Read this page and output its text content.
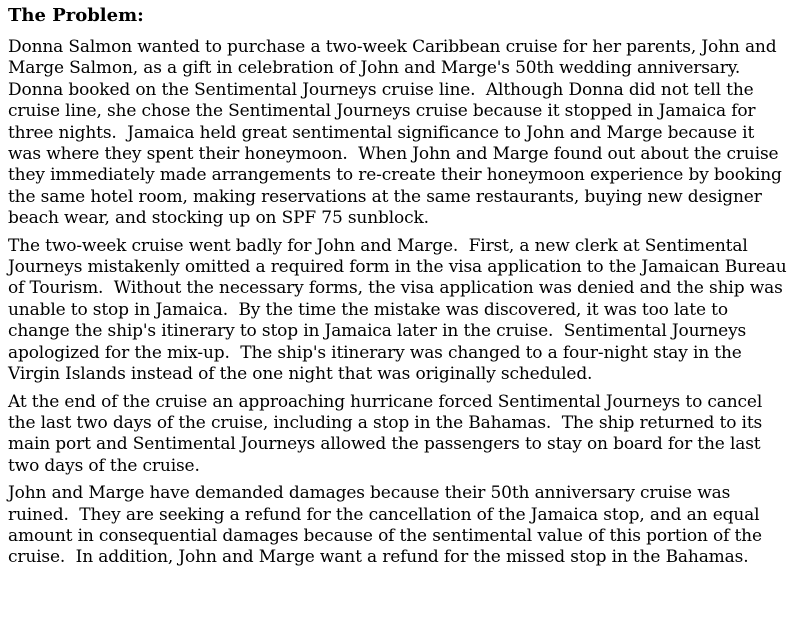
The Problem:

Donna Salmon wanted to purchase a two-week Caribbean cruise for her parents, John and Marge Salmon, as a gift in celebration of John and Marge's 50th wedding anniversary.  Donna booked on the Sentimental Journeys cruise line.  Although Donna did not tell the cruise line, she chose the Sentimental Journeys cruise because it stopped in Jamaica for three nights.  Jamaica held great sentimental significance to John and Marge because it was where they spent their honeymoon.  When John and Marge found out about the cruise they immediately made arrangements to re-create their honeymoon experience by booking the same hotel room, making reservations at the same restaurants, buying new designer beach wear, and stocking up on SPF 75 sunblock.

The two-week cruise went badly for John and Marge.  First, a new clerk at Sentimental Journeys mistakenly omitted a required form in the visa application to the Jamaican Bureau of Tourism.  Without the necessary forms, the visa application was denied and the ship was unable to stop in Jamaica.  By the time the mistake was discovered, it was too late to change the ship's itinerary to stop in Jamaica later in the cruise.  Sentimental Journeys apologized for the mix-up.  The ship's itinerary was changed to a four-night stay in the Virgin Islands instead of the one night that was originally scheduled.

At the end of the cruise an approaching hurricane forced Sentimental Journeys to cancel the last two days of the cruise, including a stop in the Bahamas.  The ship returned to its main port and Sentimental Journeys allowed the passengers to stay on board for the last two days of the cruise.

John and Marge have demanded damages because their 50th anniversary cruise was ruined.  They are seeking a refund for the cancellation of the Jamaica stop, and an equal amount in consequential damages because of the sentimental value of this portion of the cruise.  In addition, John and Marge want a refund for the missed stop in the Bahamas.
